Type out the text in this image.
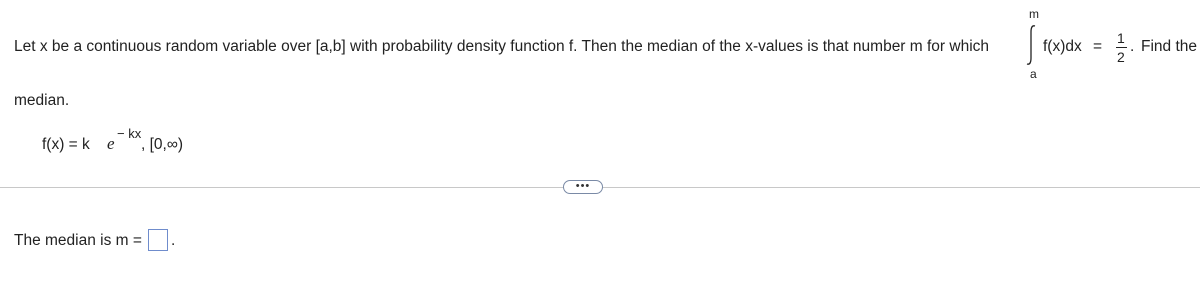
Let x be a continuous random variable over [a,b] with probability density function f. Then the median of the x-values is that number m for which
m
a
f(x)dx = 1
2
. Find the
median.
f(x) = k e
− kx
, [0,∞)
•••
The median is m = .
